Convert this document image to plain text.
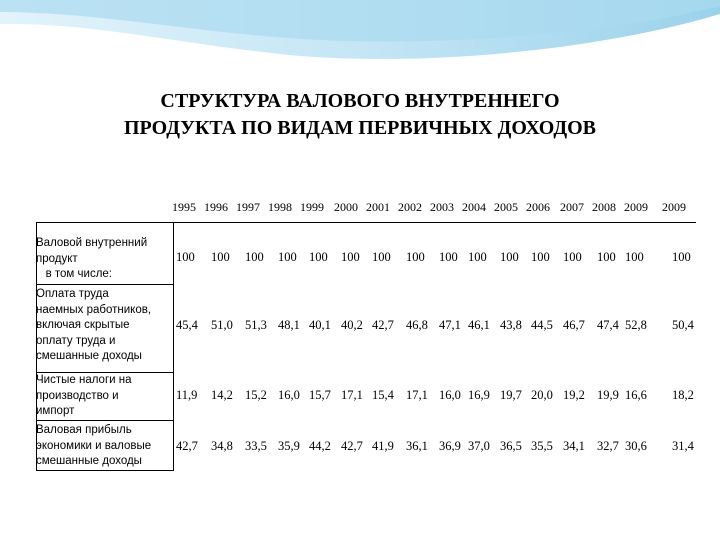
СТРУКТУРА ВАЛОВОГО ВНУТРЕННЕГО
ПРОДУКТА ПО ВИДАМ ПЕРВИЧНЫХ ДОХОДОВ
1995 1996 1997 1998 1999 2000 2001 2002 2003 2004 2005 2006 2007 2008 2009 2009
Валовой внутренний
продукт
в том числе:
Оплата труда
наемных работников,
включая скрытые
оплату труда и
смешанные доходы
Чистые налоги на
производство и
импорт
Валовая прибыль
экономики и валовые
смешанные доходы
100 100 100 100 100 100 100 100 100 100 100 100 100 100 100 100
45,4 51,0 51,3 48,1 40,1 40,2 42,7 46,8 47,1 46,1 43,8 44,5 46,7 47,4 52,8 50,4
11,9 14,2 15,2 16,0 15,7 17,1 15,4 17,1 16,0 16,9 19,7 20,0 19,2 19,9 16,6 18,2
42,7 34,8 33,5 35,9 44,2 42,7 41,9 36,1 36,9 37,0 36,5 35,5 34,1 32,7 30,6 31,4
